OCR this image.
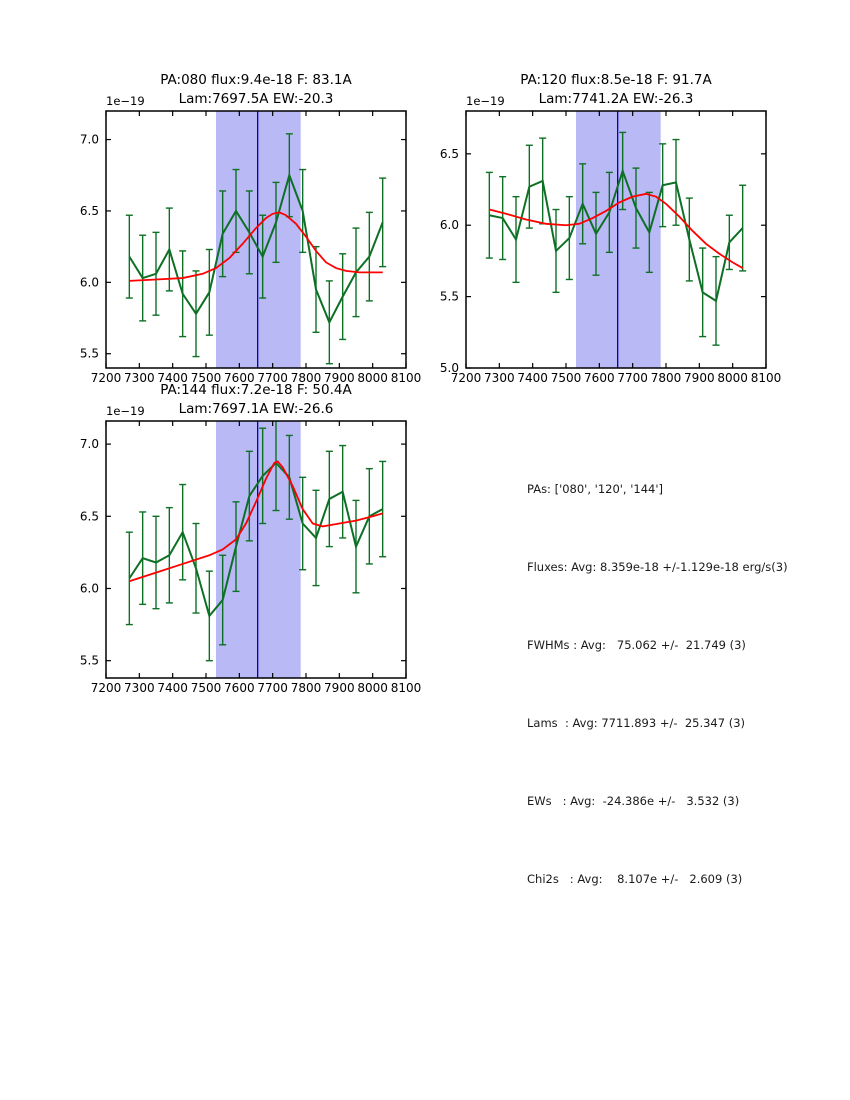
7200 7300 7400 7500 7600 7700 7800 7900 8000 8100
5.5
6.0
6.5
7.0
7200 7300 7400 7500 7600 7700 7800 7900 8000 8100
5.0
5.5
6.0
6.5
7200 7300 7400 7500 7600 7700 7800 7900 8000 8100
5.5
6.0
6.5
7.0
PA:080 flux:9.4e-18 F: 83.1A
Lam:7697.5A EW:-20.3
1e−19
PA:120 flux:8.5e-18 F: 91.7A
Lam:7741.2A EW:-26.3
1e−19
PA:144 flux:7.2e-18 F: 50.4A
Lam:7697.1A EW:-26.6
1e−19

PAs: ['080', '120', '144']

Fluxes: Avg: 8.359e-18 +/-1.129e-18 erg/s(3)

FWHMs : Avg:   75.062 +/-  21.749 (3)

Lams  : Avg: 7711.893 +/-  25.347 (3)

EWs   : Avg:  -24.386e +/-   3.532 (3)

Chi2s   : Avg:    8.107e +/-   2.609 (3)
